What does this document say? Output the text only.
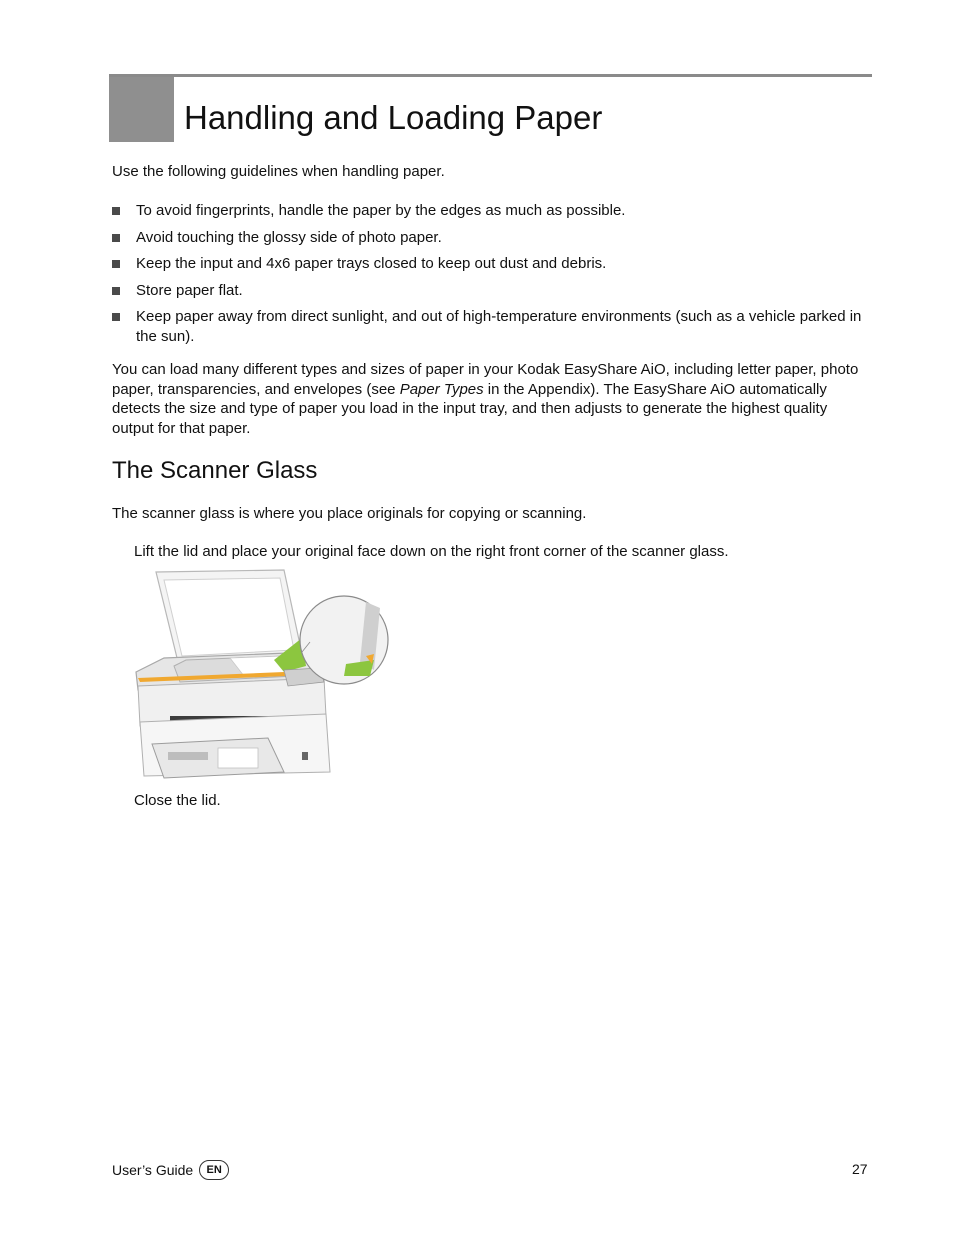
Handling and Loading Paper

Use the following guidelines when handling paper.

To avoid fingerprints, handle the paper by the edges as much as possible.
Avoid touching the glossy side of photo paper.
Keep the input and 4x6 paper trays closed to keep out dust and debris.
Store paper flat.
Keep paper away from direct sunlight, and out of high-temperature environments (such as a vehicle parked in the sun).

You can load many different types and sizes of paper in your Kodak EasyShare AiO, including letter paper, photo paper, transparencies, and envelopes (see Paper Types in the Appendix). The EasyShare AiO automatically detects the size and type of paper you load in the input tray, and then adjusts to generate the highest quality output for that paper.

The Scanner Glass

The scanner glass is where you place originals for copying or scanning.

Lift the lid and place your original face down on the right front corner of the scanner glass.

Close the lid.

User’s Guide	EN	27
